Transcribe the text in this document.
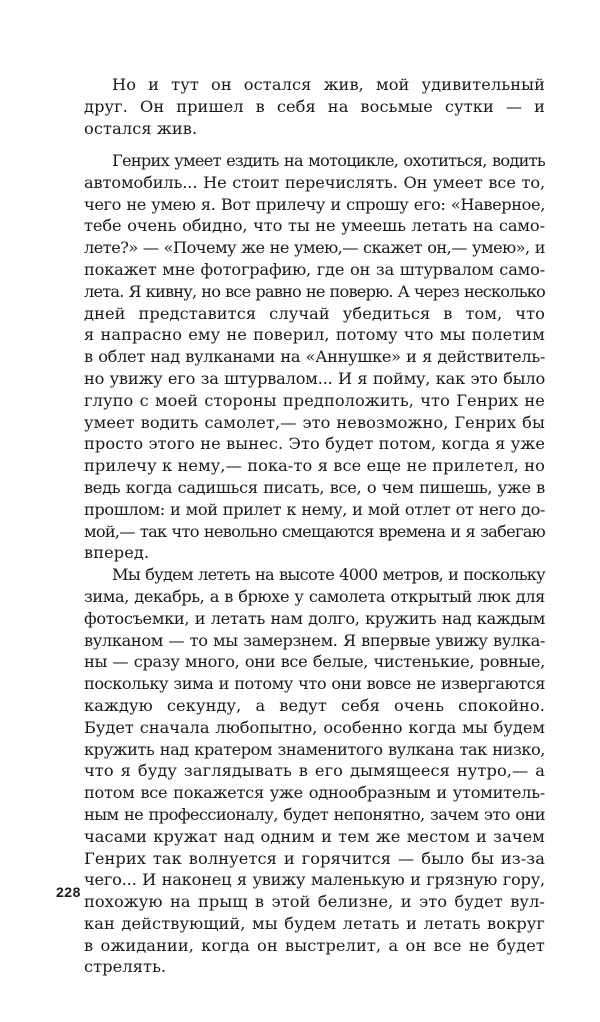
Но и тут он остался жив, мой удивительный
друг. Он пришел в себя на восьмые сутки — и
остался жив.
Генрих умеет ездить на мотоцикле, охотиться, водить
автомобиль... Не стоит перечислять. Он умеет все то,
чего не умею я. Вот прилечу и спрошу его: «Наверное,
тебе очень обидно, что ты не умеешь летать на само-
лете?» — «Почему же не умею,— скажет он,— умею», и
покажет мне фотографию, где он за штурвалом само-
лета. Я кивну, но все равно не поверю. А через несколько
дней представится случай убедиться в том, что
я напрасно ему не поверил, потому что мы полетим
в облет над вулканами на «Аннушке» и я действитель-
но увижу его за штурвалом... И я пойму, как это было
глупо с моей стороны предположить, что Генрих не
умеет водить самолет,— это невозможно, Генрих бы
просто этого не вынес. Это будет потом, когда я уже
прилечу к нему,— пока-то я все еще не прилетел, но
ведь когда садишься писать, все, о чем пишешь, уже в
прошлом: и мой прилет к нему, и мой отлет от него до-
мой,— так что невольно смещаются времена и я забегаю
вперед.
Мы будем лететь на высоте 4000 метров, и поскольку
зима, декабрь, а в брюхе у самолета открытый люк для
фотосъемки, и летать нам долго, кружить над каждым
вулканом — то мы замерзнем. Я впервые увижу вулка-
ны — сразу много, они все белые, чистенькие, ровные,
поскольку зима и потому что они вовсе не извергаются
каждую секунду, а ведут себя очень спокойно.
Будет сначала любопытно, особенно когда мы будем
кружить над кратером знаменитого вулкана так низко,
что я буду заглядывать в его дымящееся нутро,— а
потом все покажется уже однообразным и утомитель-
ным не профессионалу, будет непонятно, зачем это они
часами кружат над одним и тем же местом и зачем
Генрих так волнуется и горячится — было бы из-за
чего... И наконец я увижу маленькую и грязную гору,
похожую на прыщ в этой белизне, и это будет вул-
кан действующий, мы будем летать и летать вокруг
в ожидании, когда он выстрелит, а он все не будет
стрелять.
228
